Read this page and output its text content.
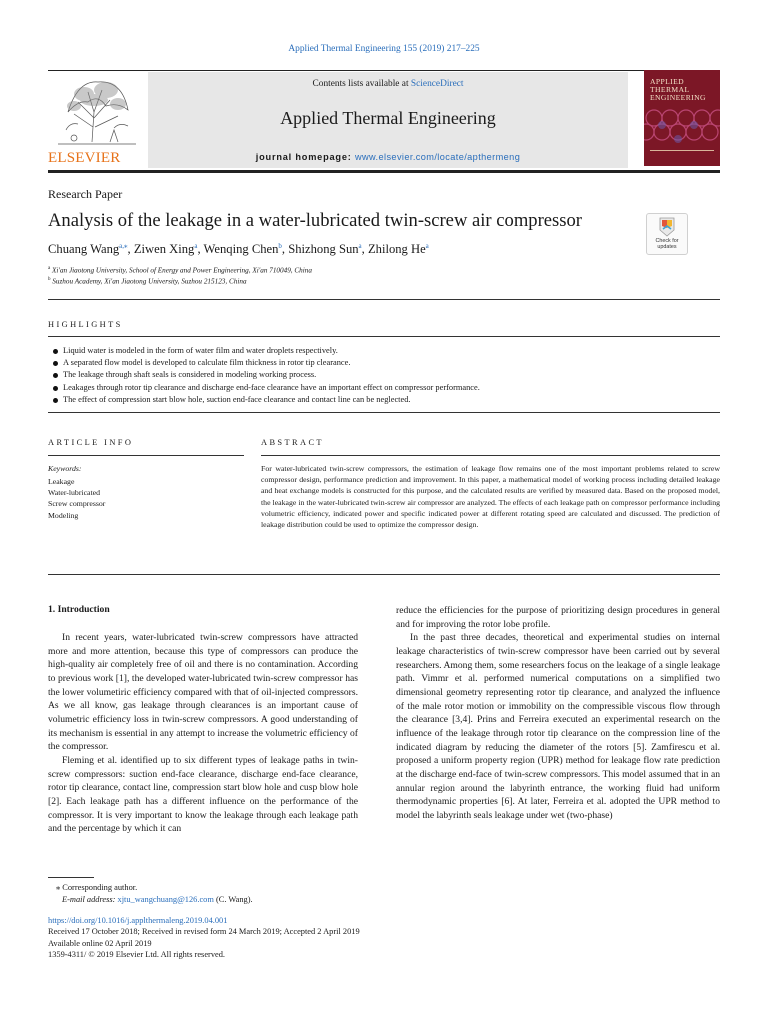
Applied Thermal Engineering 155 (2019) 217–225
ELSEVIER
Contents lists available at ScienceDirect
Applied Thermal Engineering
journal homepage: www.elsevier.com/locate/apthermeng
APPLIED
THERMAL
ENGINEERING
Research Paper
Analysis of the leakage in a water-lubricated twin-screw air compressor
Check for
updates
Chuang Wang$^{a,⁎}$, Ziwen Xing$^a$, Wenqing Chen$^b$, Shizhong Sun$^a$, Zhilong He$^a$
$^a$ Xi'an Jiaotong University, School of Energy and Power Engineering, Xi'an 710049, China
$^b$ Suzhou Academy, Xi'an Jiaotong University, Suzhou 215123, China
HIGHLIGHTS
Liquid water is modeled in the form of water film and water droplets respectively.
A separated flow model is developed to calculate film thickness in rotor tip clearance.
The leakage through shaft seals is considered in modeling working process.
Leakages through rotor tip clearance and discharge end-face clearance have an important effect on compressor performance.
The effect of compression start blow hole, suction end-face clearance and contact line can be neglected.
ARTICLE INFO	ABSTRACT
Keywords:
Leakage
Water-lubricated
Screw compressor
Modeling
For water-lubricated twin-screw compressors, the estimation of leakage flow remains one of the most important problems related to screw compressor design, performance prediction and improvement. In this paper, a mathematical model of working process including detailed leakage and heat exchange models is constructed for this purpose, and the calculated results are verified by measured data. Based on the proposed model, the leakage in the water-lubricated twin-screw air compressor are analyzed. The effects of each leakage path on compressor performance including volumetric efficiency, indicated power and specific indicated power at different rotating speed are calculated and discussed. The prediction of leakage distribution could be used to optimize the compressor design.
1. Introduction

In recent years, water-lubricated twin-screw compressors have attracted more and more attention, because this type of compressors can produce the high-quality air completely free of oil and there is no contamination. According to previous work [1], the developed water-lubricated twin-screw compressor has the lower volumetiric efficiency compared with that of oil-injected compressors. As we all know, gas leakage through clearances is an important cause of volumetric efficiency loss in twin-screw compressors. A good understanding of its mechanism is essential in any attempt to increase the volumetric efficiency of the compressor.

Fleming et al. identified up to six different types of leakage paths in twin-screw compressors: suction end-face clearance, discharge end-face clearance, rotor tip clearance, contact line, compression start blow hole and cusp blow hole [2]. Each leakage path has a different influence on the performance of the compressor. It is very important to know the leakage through each leakage path and the percentage by which it can

reduce the efficiencies for the purpose of prioritizing design procedures in general and for improving the rotor lobe profile.

In the past three decades, theoretical and experimental studies on internal leakage characteristics of twin-screw compressor have been carried out by several researchers. Among them, some researchers focus on the leakage of a single leakage path. Vimmr et al. performed numerical computations on a simplified two dimensional geometry representing rotor tip clearance, and analyzed the influence of the male rotor motion or immobility on the compressible viscous flow through the clearance [3,4]. Prins and Ferreira executed an experimental research on the influence of the leakage through rotor tip clearance on the compression line of the indicated diagram by reducing the diameter of the rotors [5]. Zamfirescu et al. proposed a uniform property region (UPR) method for leakage flow rate prediction at the discharge end-face of twin-screw compressors. This model assumed that in an annular region around the labyrinth entrance, the working fluid had uniform thermodynamic properties [6]. At later, Ferreira et al. adopted the UPR method to model the labyrinth seals leakage under wet (two-phase)

⁎ Corresponding author.
E-mail address: xjtu_wangchuang@126.com (C. Wang).
https://doi.org/10.1016/j.applthermaleng.2019.04.001
Received 17 October 2018; Received in revised form 24 March 2019; Accepted 2 April 2019
Available online 02 April 2019
1359-4311/ © 2019 Elsevier Ltd. All rights reserved.
